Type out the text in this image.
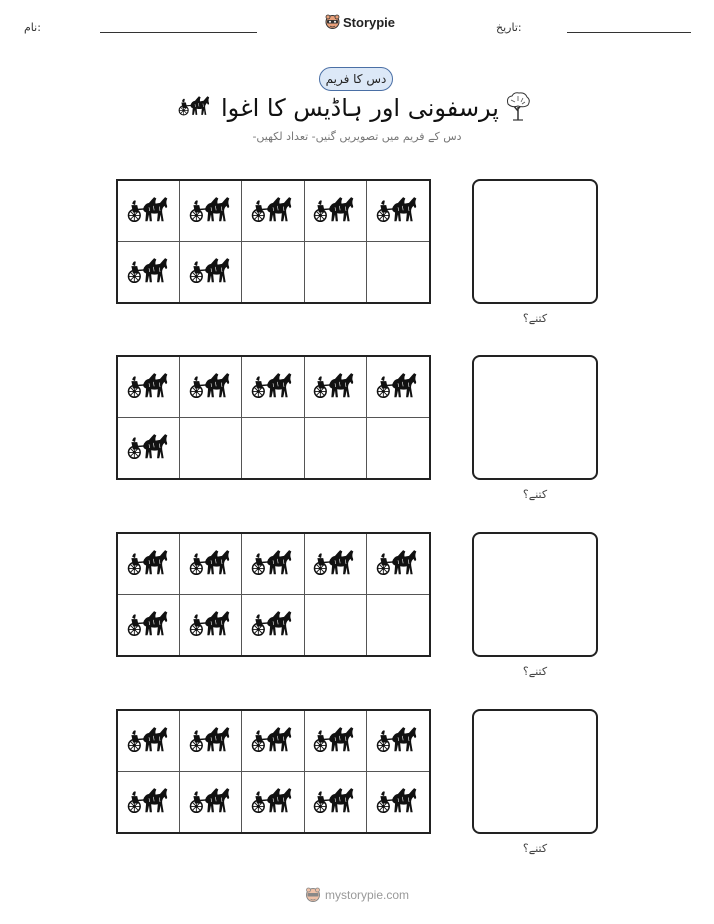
نام:	Storypie	تاریخ:
دس کا فریم
پرسفونی اور ہاڈیس کا اغوا
دس کے فریم میں تصویریں گنیں- تعداد لکھیں-
کتنے؟
کتنے؟
کتنے؟
کتنے؟
mystorypie.com
